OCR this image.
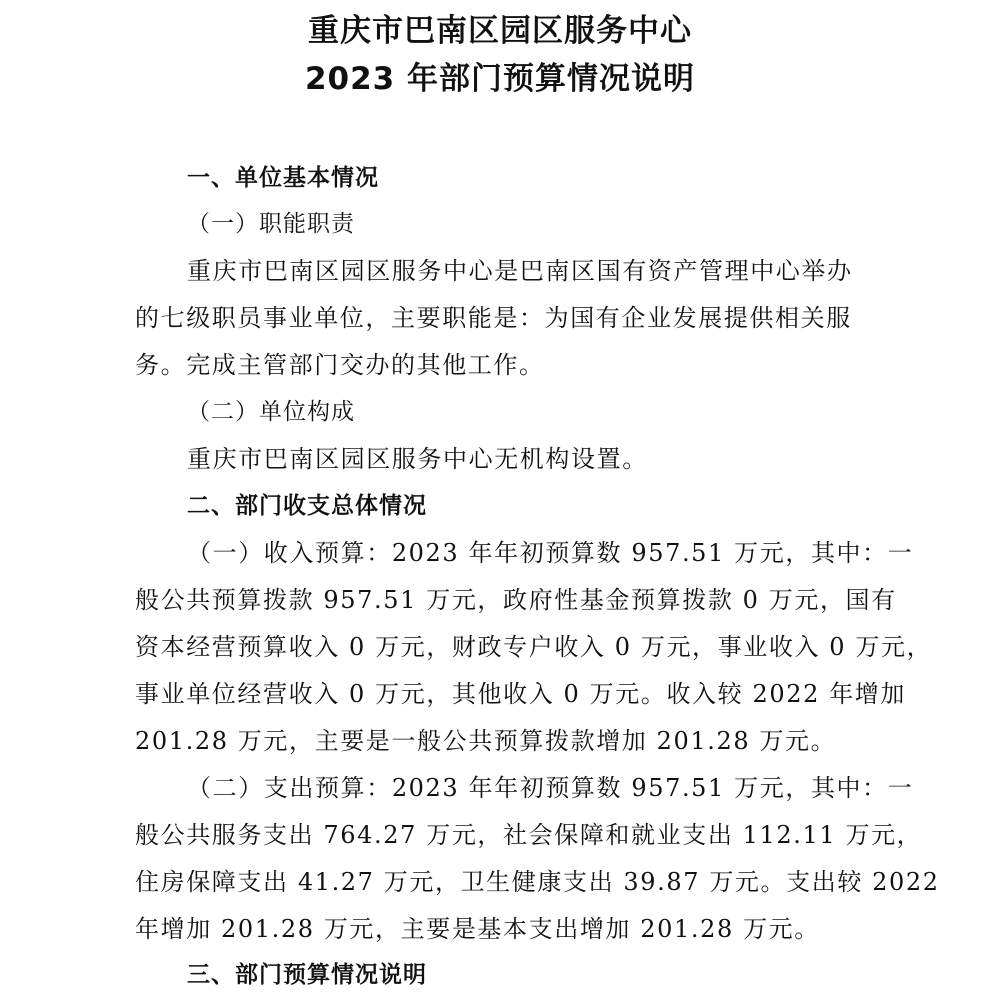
重庆市巴南区园区服务中心
2023 年部门预算情况说明

一、单位基本情况

（一）职能职责

重庆市巴南区园区服务中心是巴南区国有资产管理中心举办

的七级职员事业单位，主要职能是：为国有企业发展提供相关服

务。完成主管部门交办的其他工作。

（二）单位构成

重庆市巴南区园区服务中心无机构设置。

二、部门收支总体情况

（一）收入预算：2023 年年初预算数 957.51 万元，其中：一

般公共预算拨款 957.51 万元，政府性基金预算拨款 0 万元，国有

资本经营预算收入 0 万元，财政专户收入 0 万元，事业收入 0 万元，

事业单位经营收入 0 万元，其他收入 0 万元。收入较 2022 年增加

201.28 万元，主要是一般公共预算拨款增加 201.28 万元。

（二）支出预算：2023 年年初预算数 957.51 万元，其中：一

般公共服务支出 764.27 万元，社会保障和就业支出 112.11 万元，

住房保障支出 41.27 万元，卫生健康支出 39.87 万元。支出较 2022

年增加 201.28 万元，主要是基本支出增加 201.28 万元。

三、部门预算情况说明
